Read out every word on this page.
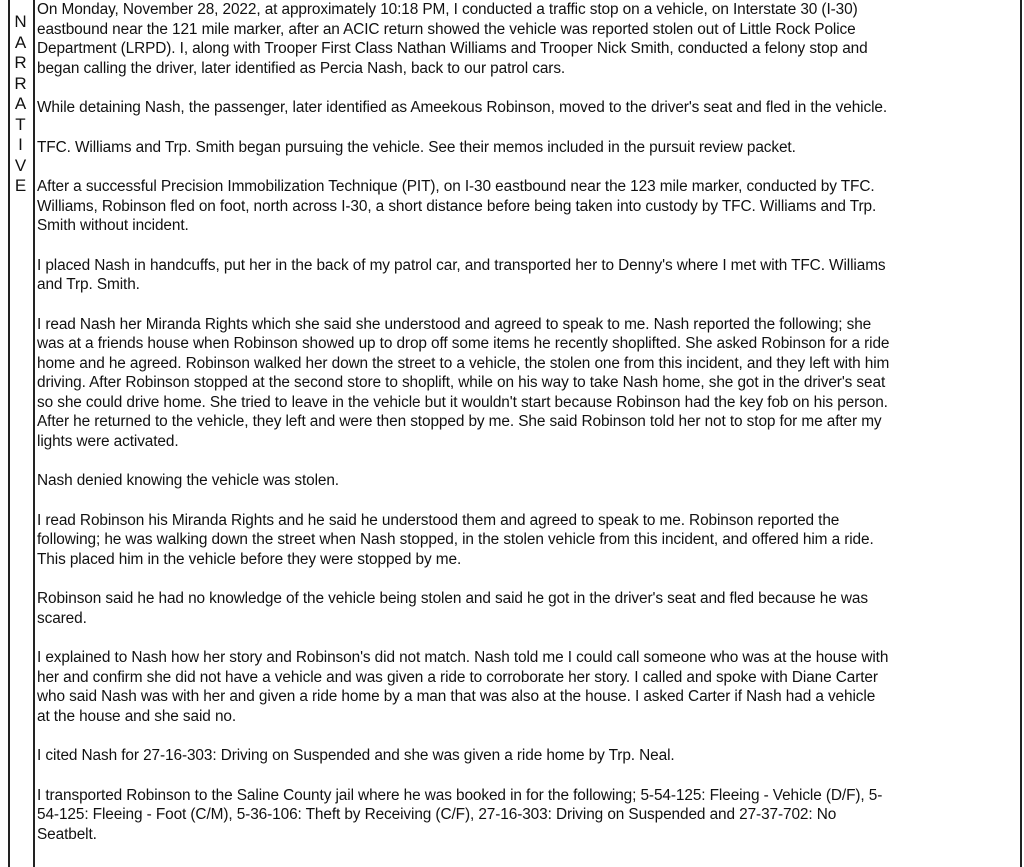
N
A
R
R
A
T
I
V
E

On Monday, November 28, 2022, at approximately 10:18 PM, I conducted a traffic stop on a vehicle, on Interstate 30 (I-30)
eastbound near the 121 mile marker, after an ACIC return showed the vehicle was reported stolen out of Little Rock Police
Department (LRPD). I, along with Trooper First Class Nathan Williams and Trooper Nick Smith, conducted a felony stop and
began calling the driver, later identified as Percia Nash, back to our patrol cars.

While detaining Nash, the passenger, later identified as Ameekous Robinson, moved to the driver's seat and fled in the vehicle.

TFC. Williams and Trp. Smith began pursuing the vehicle. See their memos included in the pursuit review packet.

After a successful Precision Immobilization Technique (PIT), on I-30 eastbound near the 123 mile marker, conducted by TFC.
Williams, Robinson fled on foot, north across I-30, a short distance before being taken into custody by TFC. Williams and Trp.
Smith without incident.

I placed Nash in handcuffs, put her in the back of my patrol car, and transported her to Denny's where I met with TFC. Williams
and Trp. Smith.

I read Nash her Miranda Rights which she said she understood and agreed to speak to me. Nash reported the following; she
was at a friends house when Robinson showed up to drop off some items he recently shoplifted. She asked Robinson for a ride
home and he agreed. Robinson walked her down the street to a vehicle, the stolen one from this incident, and they left with him
driving. After Robinson stopped at the second store to shoplift, while on his way to take Nash home, she got in the driver's seat
so she could drive home. She tried to leave in the vehicle but it wouldn't start because Robinson had the key fob on his person.
After he returned to the vehicle, they left and were then stopped by me. She said Robinson told her not to stop for me after my
lights were activated.

Nash denied knowing the vehicle was stolen.

I read Robinson his Miranda Rights and he said he understood them and agreed to speak to me. Robinson reported the
following; he was walking down the street when Nash stopped, in the stolen vehicle from this incident, and offered him a ride.
This placed him in the vehicle before they were stopped by me.

Robinson said he had no knowledge of the vehicle being stolen and said he got in the driver's seat and fled because he was
scared.

I explained to Nash how her story and Robinson's did not match. Nash told me I could call someone who was at the house with
her and confirm she did not have a vehicle and was given a ride to corroborate her story. I called and spoke with Diane Carter
who said Nash was with her and given a ride home by a man that was also at the house. I asked Carter if Nash had a vehicle
at the house and she said no.

I cited Nash for 27-16-303: Driving on Suspended and she was given a ride home by Trp. Neal.

I transported Robinson to the Saline County jail where he was booked in for the following; 5-54-125: Fleeing - Vehicle (D/F), 5-
54-125: Fleeing - Foot (C/M), 5-36-106: Theft by Receiving (C/F), 27-16-303: Driving on Suspended and 27-37-702: No
Seatbelt.
